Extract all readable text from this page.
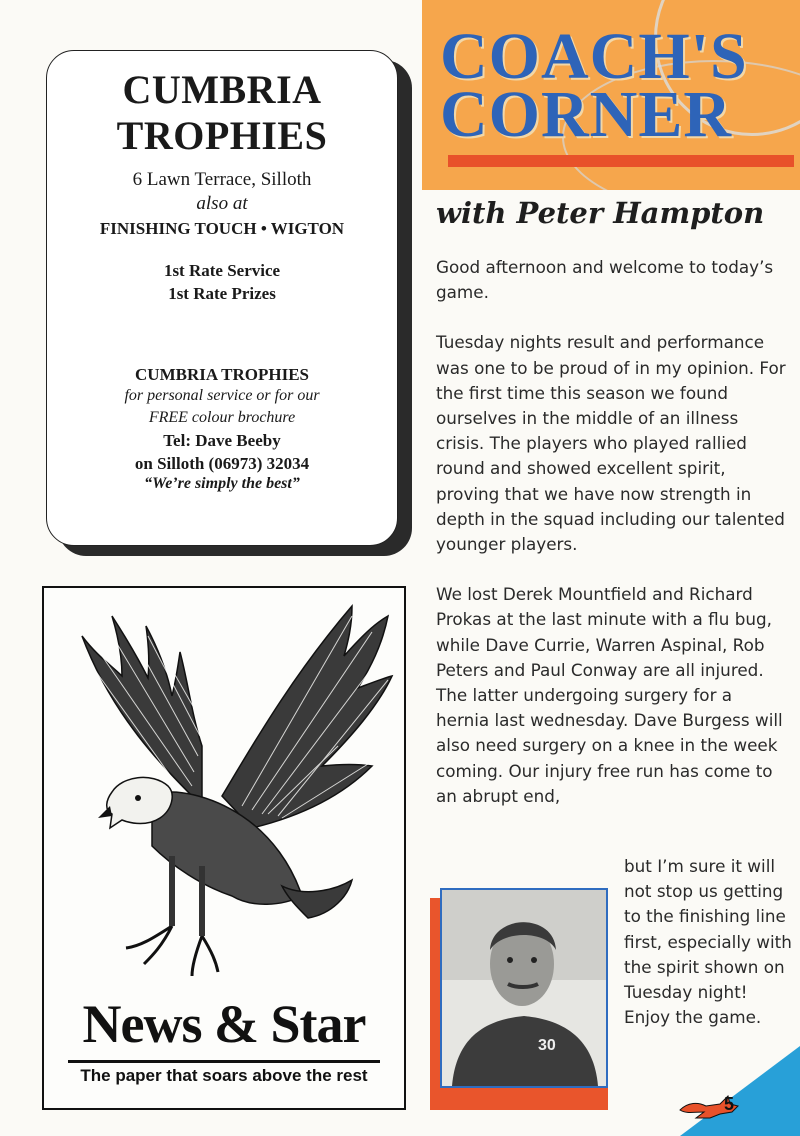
CUMBRIA
TROPHIES
6 Lawn Terrace, Silloth
also at
FINISHING TOUCH • WIGTON
1st Rate Service
1st Rate Prizes
CUMBRIA TROPHIES
for personal service or for our
FREE colour brochure
Tel: Dave Beeby
on Silloth (06973) 32034
“We’re simply the best”
News & Star
The paper that soars above the rest
COACH'S
CORNER
with Peter Hampton

Good afternoon and welcome to today’s game.

Tuesday nights result and performance was one to be proud of in my opinion. For the first time this season we found ourselves in the middle of an illness crisis. The players who played rallied round and showed excellent spirit, proving that we have now strength in depth in the squad including our talented younger players.

We lost Derek Mountfield and Richard Prokas at the last minute with a flu bug, while Dave Currie, Warren Aspinal, Rob Peters and Paul Conway are all injured. The latter undergoing surgery for a hernia last wednesday. Dave Burgess will also need surgery on a knee in the week coming. Our injury free run has come to an abrupt end,

but I’m sure it will not stop us getting to the finishing line first, especially with the spirit shown on Tuesday night! Enjoy the game.
30
5
